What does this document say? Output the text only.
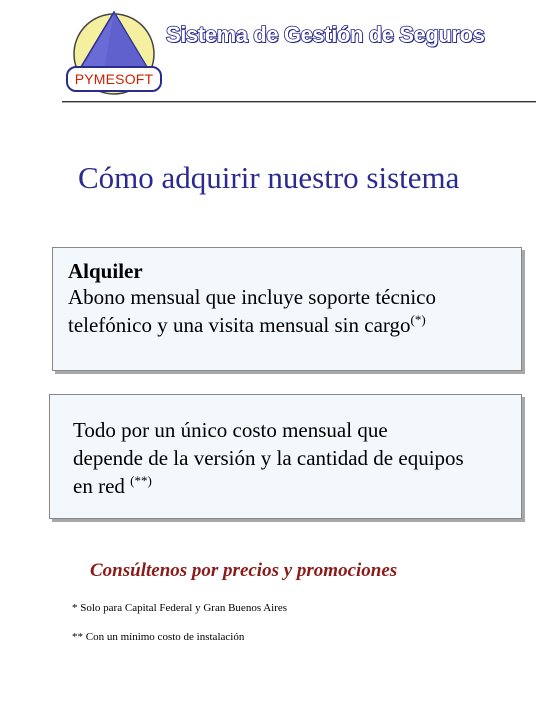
PYMESOFT
Sistema de Gestión de Seguros
Cómo adquirir nuestro sistema
Alquiler
Abono mensual que incluye soporte técnico
telefónico y una visita mensual sin cargo(*)
Todo por un único costo mensual que
depende de la versión y la cantidad de equipos
en red (**)
Consúltenos por precios y promociones
* Solo para Capital Federal y Gran Buenos Aires
** Con un mínimo costo de instalación
